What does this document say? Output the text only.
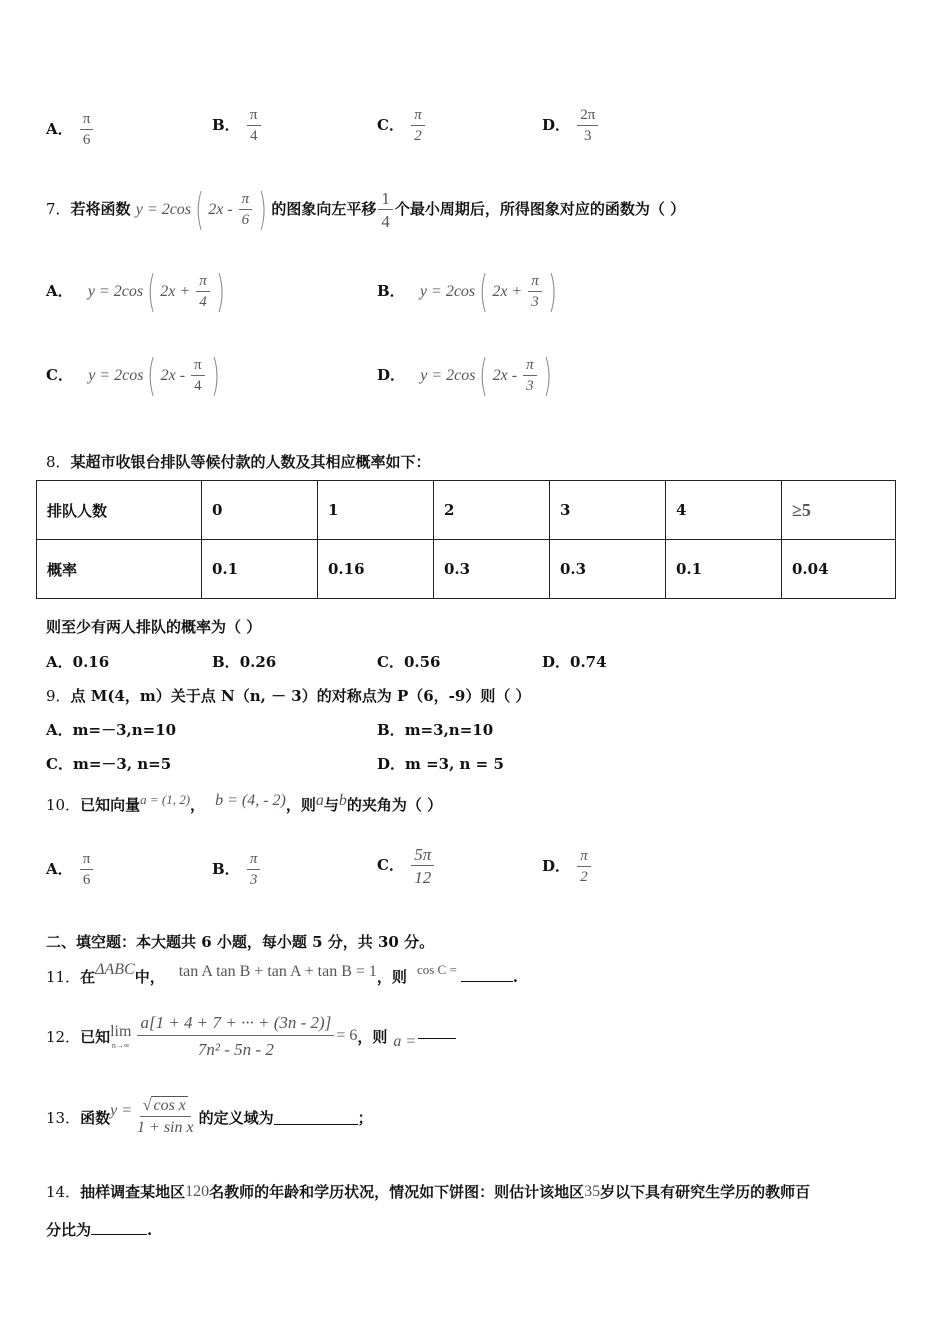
A． $\frac{\pi}{6}$	B． $\frac{\pi}{4}$	C． $\frac{\pi}{2}$	D． $\frac{2\pi}{3}$
7．若将函数 y = 2cos( $2x - \frac{\pi}{6}$ ) 的图象向左平移 $\frac{1}{4}$ 个最小周期后，所得图象对应的函数为（ ）
A． y = 2cos( $2x + \frac{\pi}{4}$ )	B． y = 2cos( $2x + \frac{\pi}{3}$ )
C． y = 2cos( $2x - \frac{\pi}{4}$ )	D． y = 2cos( $2x - \frac{\pi}{3}$ )
8．某超市收银台排队等候付款的人数及其相应概率如下：
排队人数	0	1	2	3	4	≥5
概率	0.1	0.16	0.3	0.3	0.1	0.04
则至少有两人排队的概率为（ ）
A．0.16	B．0.26	C．0.56	D．0.74
9．点 M(4，m）关于点 N（n, － 3）的对称点为 P（6，-9）则（ ）
A．m=－3,n=10	B．m=3,n=10
C．m=－3, n=5	D．m =3, n = 5
10．已知向量a = (1, 2)， b = (4, - 2)，则a与b的夹角为（ ）
A． $\frac{\pi}{6}$	B． $\frac{\pi}{3}$	C． $\frac{5\pi}{12}$	D． $\frac{\pi}{2}$
二、填空题：本大题共 6 小题，每小题 5 分，共 30 分。
11．在ΔABC中， tan A tan B + tan A + tan B = 1，则 cos C =	.
12． 已知 lim
$n\to\infty \frac{a[1 + 4 + 7 + \cdot\cdot\cdot + (3n - 2)]}{\text{7n² - 5n - 2}} = 6$ ，则 a =
13． 函数 $y = \frac{\text{√ cos x}}{\text{1 + sin x}}$ 的定义域为	；
14．抽样调查某地区120名教师的年龄和学历状况，情况如下饼图：则估计该地区35岁以下具有研究生学历的教师百
分比为	.
